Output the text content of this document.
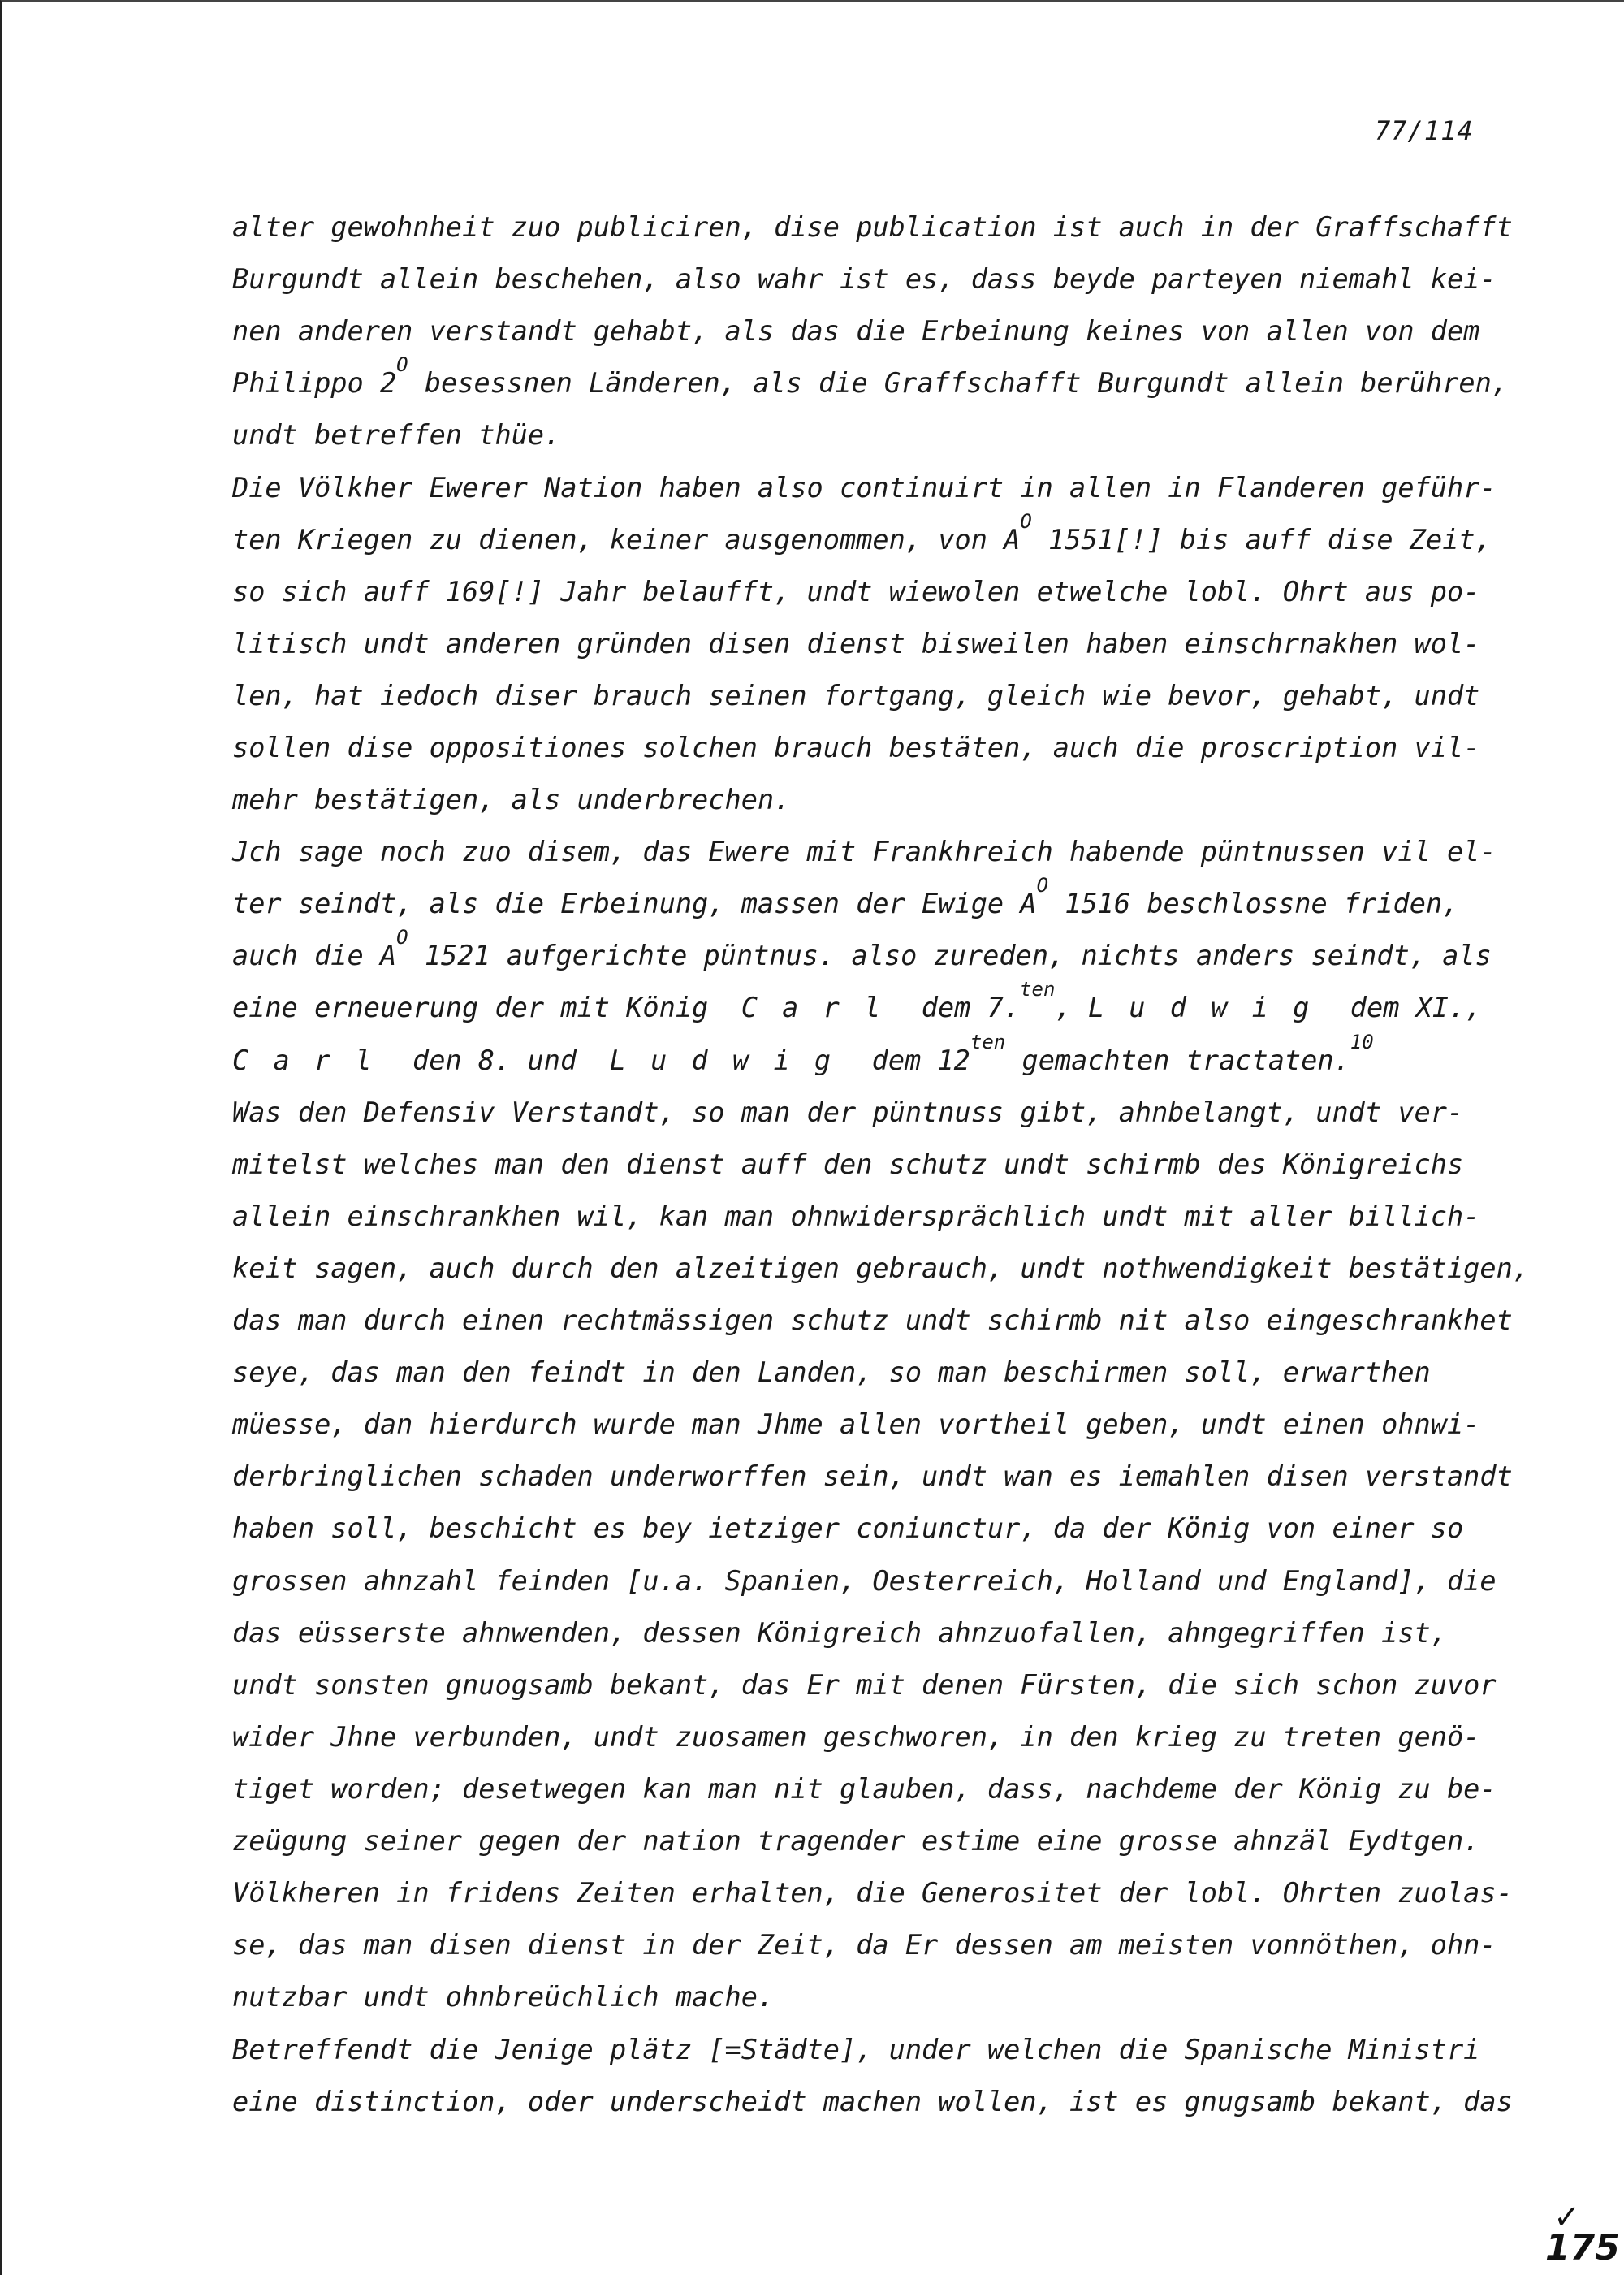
77/114
alter gewohnheit zuo publiciren, dise publication ist auch in der Graffschafft
Burgundt allein beschehen, also wahr ist es, dass beyde parteyen niemahl kei-
nen anderen verstandt gehabt, als das die Erbeinung keines von allen von dem
Philippo $2^O$ besessnen Länderen, als die Graffschafft Burgundt allein berühren,
undt betreffen thüe.
Die Völkher Ewerer Nation haben also continuirt in allen in Flanderen geführ-
ten Kriegen zu dienen, keiner ausgenommen, von $A^O$ 1551[!] bis auff dise Zeit,
so sich auff 169[!] Jahr belaufft, undt wiewolen etwelche lobl. Ohrt aus po-
litisch undt anderen gründen disen dienst bisweilen haben einschrnakhen wol-
len, hat iedoch diser brauch seinen fortgang, gleich wie bevor, gehabt, undt
sollen dise oppositiones solchen brauch bestäten, auch die proscription vil-
mehr bestätigen, als underbrechen.
Jch sage noch zuo disem, das Ewere mit Frankhreich habende püntnussen vil el-
ter seindt, als die Erbeinung, massen der Ewige $A^O$ 1516 beschlossne friden,
auch die $A^O$ 1521 aufgerichte püntnus. also zureden, nichts anders seindt, als
eine erneuerung der mit König  Carl dem 7.$^{ten}$, Ludwig dem XI.,
Carl den 8. und  Ludwig dem $12^{ten}$ gemachten tractaten.$^{10}$
Was den Defensiv Verstandt, so man der püntnuss gibt, ahnbelangt, undt ver-
mitelst welches man den dienst auff den schutz undt schirmb des Königreichs
allein einschrankhen wil, kan man ohnwidersprächlich undt mit aller billich-
keit sagen, auch durch den alzeitigen gebrauch, undt nothwendigkeit bestätigen,
das man durch einen rechtmässigen schutz undt schirmb nit also eingeschrankhet
seye, das man den feindt in den Landen, so man beschirmen soll, erwarthen
müesse, dan hierdurch wurde man Jhme allen vortheil geben, undt einen ohnwi-
derbringlichen schaden underworffen sein, undt wan es iemahlen disen verstandt
haben soll, beschicht es bey ietziger coniunctur, da der König von einer so
grossen ahnzahl feinden [u.a. Spanien, Oesterreich, Holland und England], die
das eüsserste ahnwenden, dessen Königreich ahnzuofallen, ahngegriffen ist,
undt sonsten gnuogsamb bekant, das Er mit denen Fürsten, die sich schon zuvor
wider Jhne verbunden, undt zuosamen geschworen, in den krieg zu treten genö-
tiget worden; desetwegen kan man nit glauben, dass, nachdeme der König zu be-
zeügung seiner gegen der nation tragender estime eine grosse ahnzäl Eydtgen.
Völkheren in fridens Zeiten erhalten, die Generositet der lobl. Ohrten zuolas-
se, das man disen dienst in der Zeit, da Er dessen am meisten vonnöthen, ohn-
nutzbar undt ohnbreüchlich mache.
Betreffendt die Jenige plätz [=Städte], under welchen die Spanische Ministri
eine distinction, oder underscheidt machen wollen, ist es gnugsamb bekant, das
✓
175
